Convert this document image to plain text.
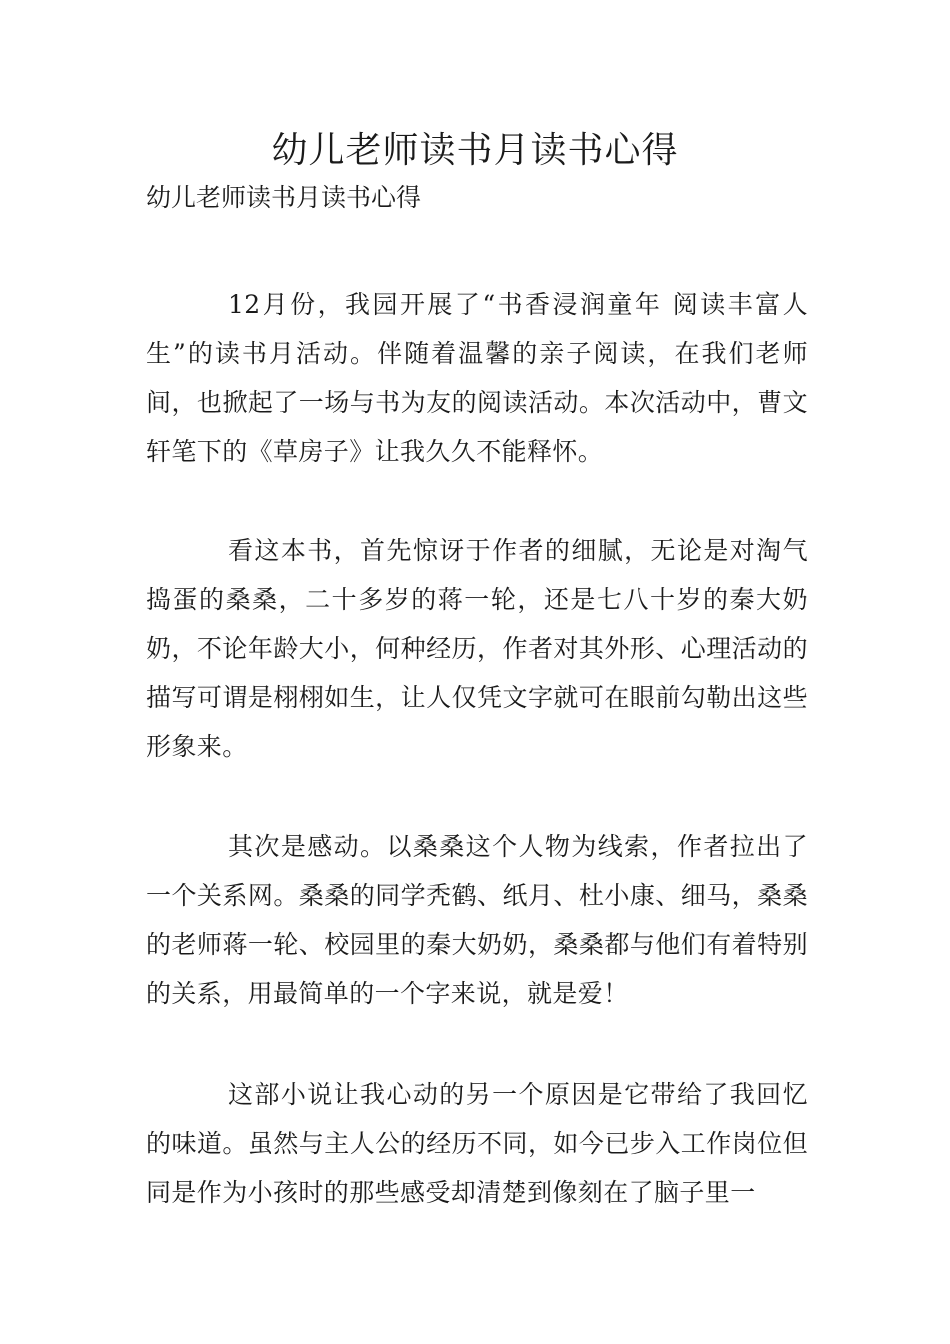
幼儿老师读书月读书心得

幼儿老师读书月读书心得

12月份，我园开展了“书香浸润童年 阅读丰富人生”的读书月活动。伴随着温馨的亲子阅读，在我们老师间，也掀起了一场与书为友的阅读活动。本次活动中，曹文轩笔下的《草房子》让我久久不能释怀。

看这本书，首先惊讶于作者的细腻，无论是对淘气捣蛋的桑桑，二十多岁的蒋一轮，还是七八十岁的秦大奶奶，不论年龄大小，何种经历，作者对其外形、心理活动的描写可谓是栩栩如生，让人仅凭文字就可在眼前勾勒出这些形象来。

其次是感动。以桑桑这个人物为线索，作者拉出了一个关系网。桑桑的同学秃鹤、纸月、杜小康、细马，桑桑的老师蒋一轮、校园里的秦大奶奶，桑桑都与他们有着特别的关系，用最简单的一个字来说，就是爱！

这部小说让我心动的另一个原因是它带给了我回忆的味道。虽然与主人公的经历不同，如今已步入工作岗位但同是作为小孩时的那些感受却清楚到像刻在了脑子里一
